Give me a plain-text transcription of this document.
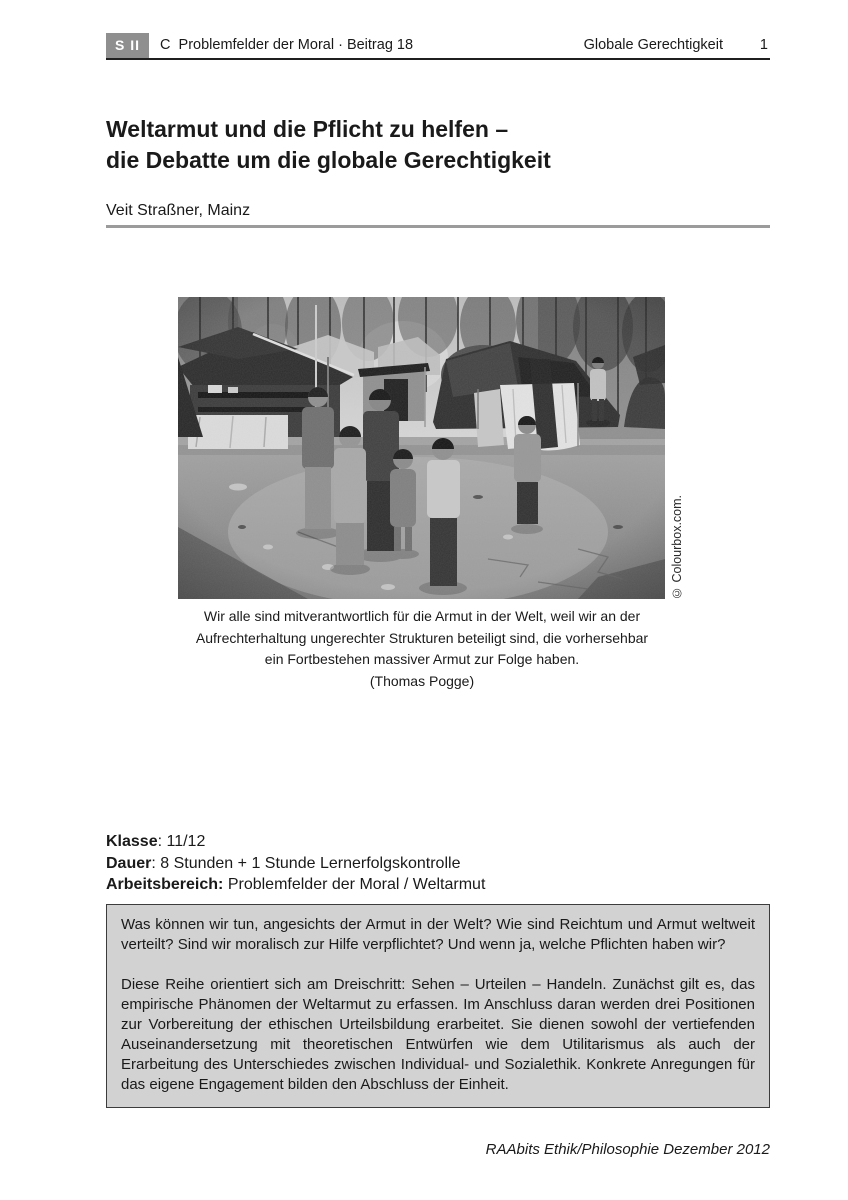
S II	C  Problemfelder der Moral · Beitrag 18	Globale Gerechtigkeit	1
Weltarmut und die Pflicht zu helfen –
die Debatte um die globale Gerechtigkeit
Veit Straßner, Mainz
© Colourbox.com.
Wir alle sind mitverantwortlich für die Armut in der Welt, weil wir an der
Aufrechterhaltung ungerechter Strukturen beteiligt sind, die vorhersehbar
ein Fortbestehen massiver Armut zur Folge haben.
(Thomas Pogge)
Klasse: 11/12
Dauer: 8 Stunden + 1 Stunde Lernerfolgskontrolle
Arbeitsbereich: Problemfelder der Moral / Weltarmut

Was können wir tun, angesichts der Armut in der Welt? Wie sind Reichtum und Armut weltweit verteilt? Sind wir moralisch zur Hilfe verpflichtet? Und wenn ja, welche Pflichten haben wir?

Diese Reihe orientiert sich am Dreischritt: Sehen – Urteilen – Handeln. Zunächst gilt es, das empirische Phänomen der Weltarmut zu erfassen. Im Anschluss daran werden drei Positionen zur Vorbereitung der ethischen Urteilsbildung erarbeitet. Sie dienen sowohl der vertiefenden Auseinandersetzung mit theoretischen Entwürfen wie dem Utilitarismus als auch der Erarbeitung des Unterschiedes zwischen Individual- und Sozialethik. Konkrete Anregungen für das eigene Engagement bilden den Abschluss der Einheit.

RAAbits Ethik/Philosophie Dezember 2012
